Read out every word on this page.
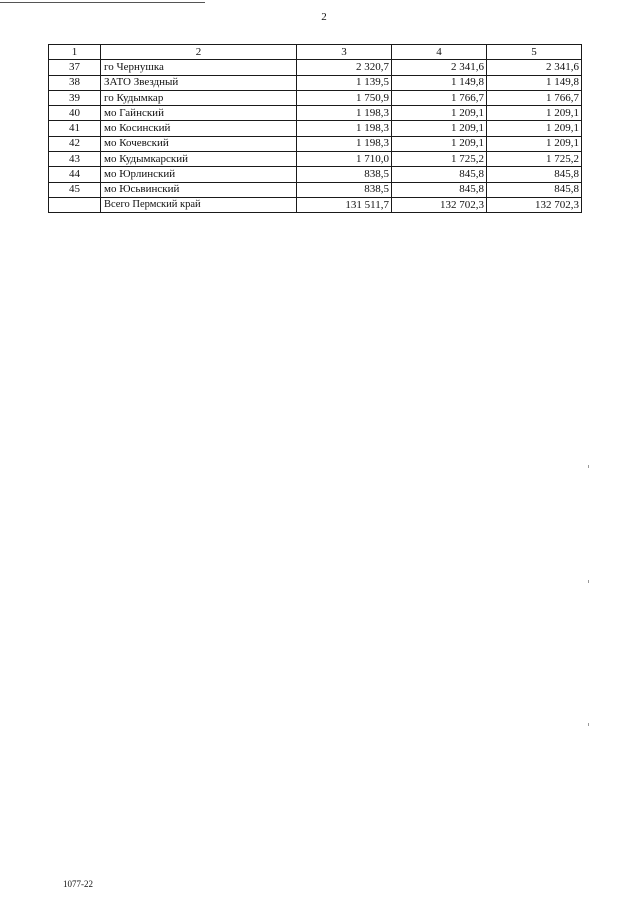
2
1	2	3	4	5
37	го Чернушка	2 320,7	2 341,6	2 341,6
38	ЗАТО Звездный	1 139,5	1 149,8	1 149,8
39	го Кудымкар	1 750,9	1 766,7	1 766,7
40	мо Гайнский	1 198,3	1 209,1	1 209,1
41	мо Косинский	1 198,3	1 209,1	1 209,1
42	мо Кочевский	1 198,3	1 209,1	1 209,1
43	мо Кудымкарский	1 710,0	1 725,2	1 725,2
44	мо Юрлинский	838,5	845,8	845,8
45	мо Юсьвинский	838,5	845,8	845,8
	Всего Пермский край	131 511,7	132 702,3	132 702,3
1077-22
